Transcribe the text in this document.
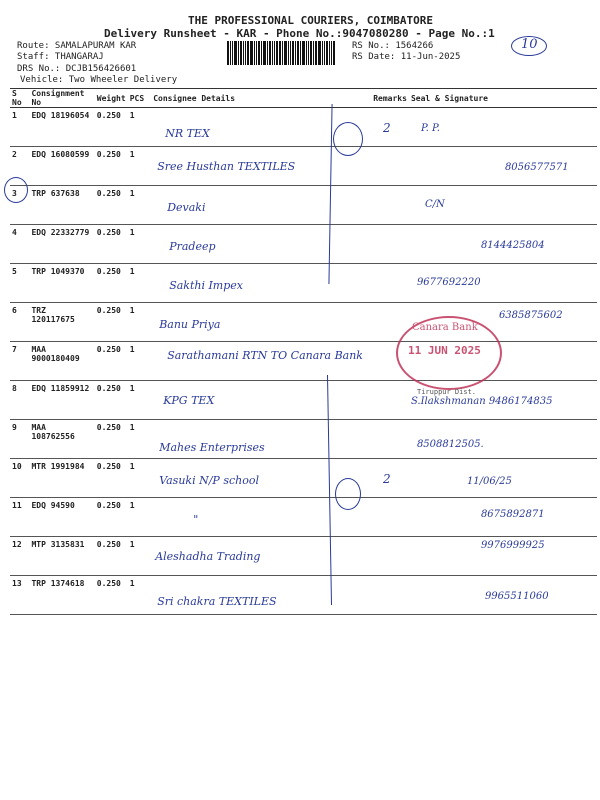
THE PROFESSIONAL COURIERS, COIMBATORE
Delivery Runsheet - KAR - Phone No.:9047080280 - Page No.:1
Route: SAMALAPURAM KAR
Staff: THANGARAJ
DRS No.: DCJB156426601
Vehicle: Two Wheeler Delivery
RS No.: 1564266
RS Date: 11-Jun-2025
10
S No	Consignment No	Weight	PCS	Consignee Details	Remarks	Seal & Signature
1	EDQ 18196054	0.250	1	NR TEX	2	P. P.
2	EDQ 16080599	0.250	1	Sree Husthan TEXTILES		8056577571
3	TRP 637638	0.250	1	Devaki		C/N
4	EDQ 22332779	0.250	1	Pradeep		8144425804
5	TRP 1049370	0.250	1	Sakthi Impex		9677692220
6	TRZ 120117675	0.250	1	Banu Priya		6385875602
7	MAA 9000180409	0.250	1	Sarathamani RTN TO Canara Bank		
8	EDQ 11859912	0.250	1	KPG TEX		S.Ilakshmanan 9486174835
9	MAA 108762556	0.250	1	Mahes Enterprises		8508812505.
10	MTR 1991984	0.250	1	Vasuki N/P school	2	11/06/25
11	EDQ 94590	0.250	1	"		8675892871
12	MTP 3135831	0.250	1	Aleshadha Trading		9976999925
13	TRP 1374618	0.250	1	Sri chakra TEXTILES		9965511060
Canara Bank
11 JUN 2025
Tiruppur Dist.
